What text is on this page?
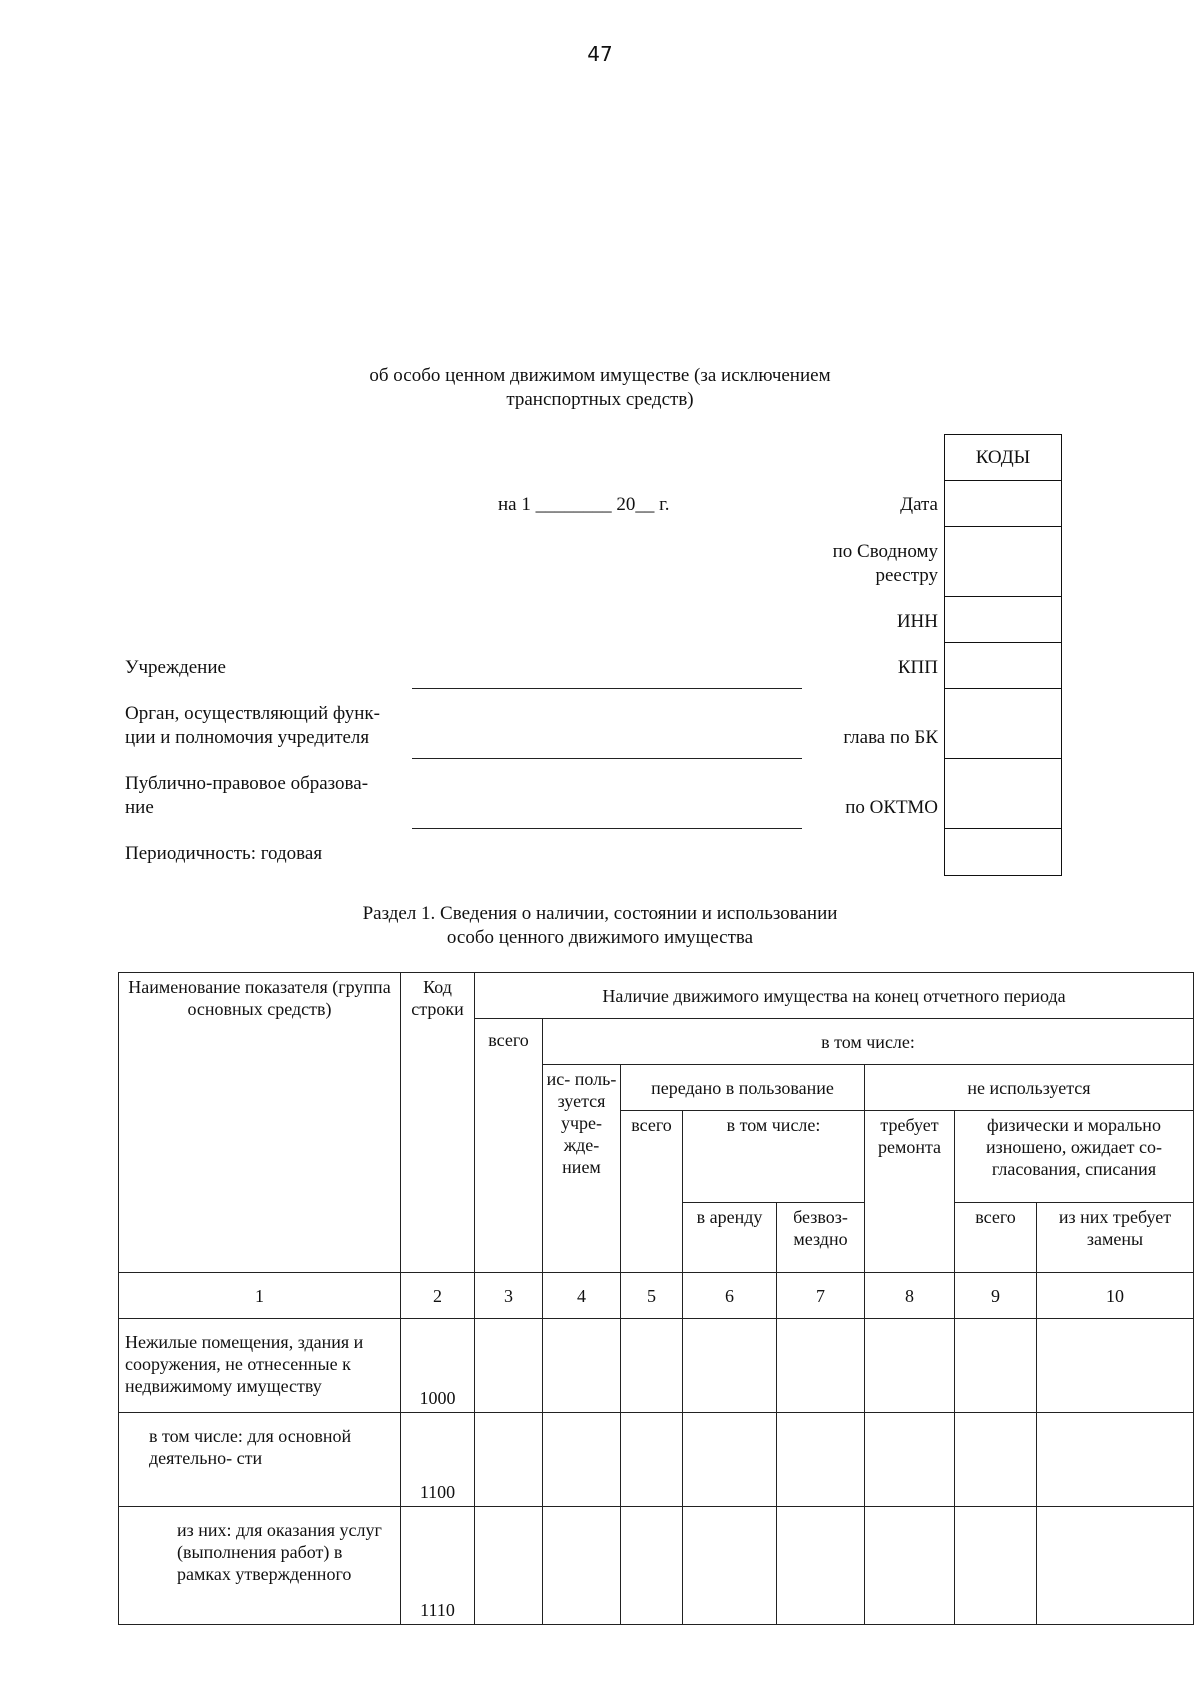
47
об особо ценном движимом имуществе (за исключением
транспортных средств)
КОДЫ
на 1 ________ 20__ г.	Дата
по Сводному
реестру
ИНН
КПП
глава по БК
по ОКТМО
Учреждение
Орган, осуществляющий функ-
ции и полномочия учредителя
Публично-правовое образова-
ние
Периодичность: годовая
Раздел 1. Сведения о наличии, состоянии и использовании
особо ценного движимого имущества
Наименование показателя (группа основных средств)	Код строки	Наличие движимого имущества на конец отчетного периода							
		всего	в том числе:						
			ис- поль- зуется учре- жде- нием	передано в пользование			не используется		
				всего	в том числе:		требует ремонта	физически и морально изношено, ожидает со- гласования, списания	
					в аренду	безвоз- мездно		всего	из них требует замены

1	2	3	4	5	6	7	8	9	10
Нежилые помещения, здания и сооружения, не отнесенные к недвижимому имуществу	1000								
в том числе: для основной деятельно- сти	1100								
из них: для оказания услуг (выполнения работ) в рамках утвержденного	1110								
